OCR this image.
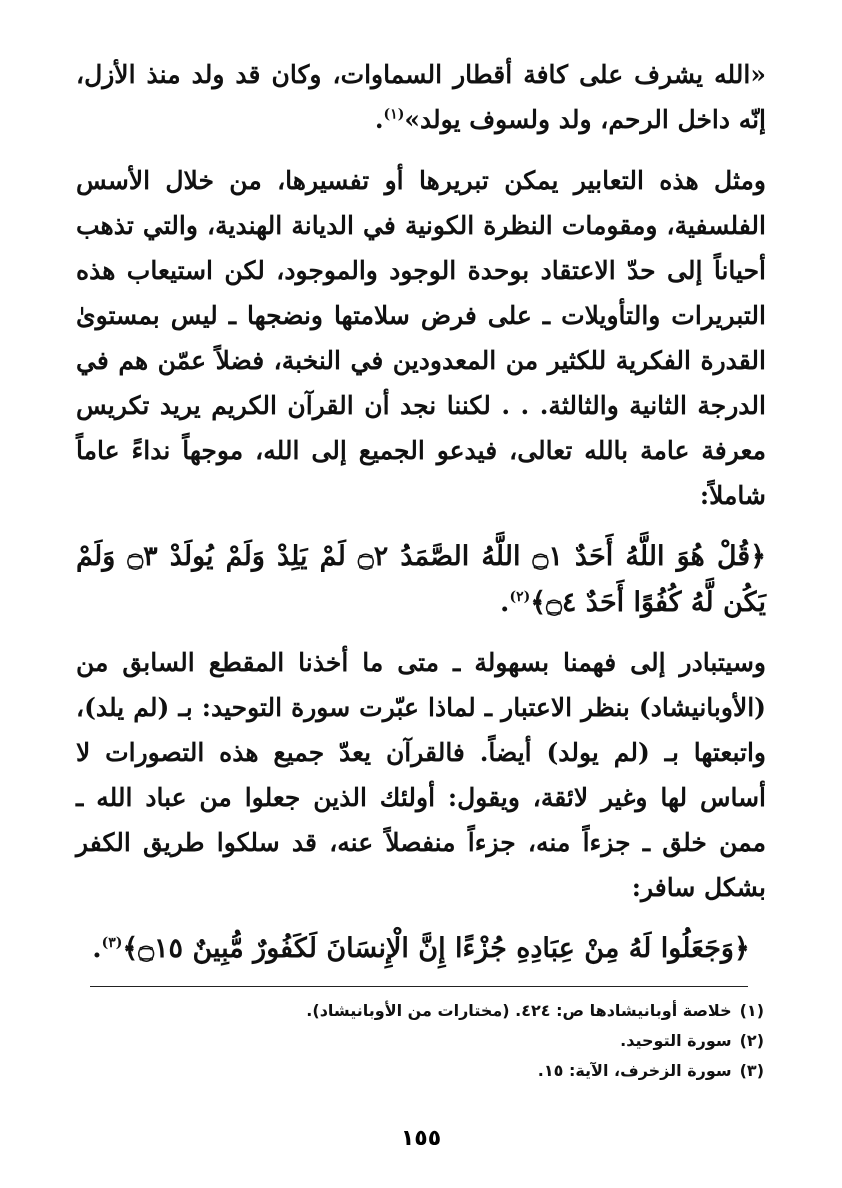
«الله يشرف على كافة أقطار السماوات، وكان قد ولد منذ الأزل، إنّه داخل الرحم، ولد ولسوف يولد»$^{(١)}$.

ومثل هذه التعابير يمكن تبريرها أو تفسيرها، من خلال الأسس الفلسفية، ومقومات النظرة الكونية في الديانة الهندية، والتي تذهب أحياناً إلى حدّ الاعتقاد بوحدة الوجود والموجود، لكن استيعاب هذه التبريرات والتأويلات ـ على فرض سلامتها ونضجها ـ ليس بمستوىٰ القدرة الفكرية للكثير من المعدودين في النخبة، فضلاً عمّن هم في الدرجة الثانية والثالثة. . . لكننا نجد أن القرآن الكريم يريد تكريس معرفة عامة بالله تعالى، فيدعو الجميع إلى الله، موجهاً نداءً عاماً شاملاً:

﴿قُلْ هُوَ اللَّهُ أَحَدٌ ۝١ اللَّهُ الصَّمَدُ ۝٢ لَمْ يَلِدْ وَلَمْ يُولَدْ ۝٣ وَلَمْ يَكُن لَّهُ كُفُوًا أَحَدٌ ۝٤﴾$^{(٢)}$.

وسيتبادر إلى فهمنا بسهولة ـ متى ما أخذنا المقطع السابق من (الأوبانيشاد) بنظر الاعتبار ـ لماذا عبّرت سورة التوحيد: بـ (لم يلد)، واتبعتها بـ (لم يولد) أيضاً. فالقرآن يعدّ جميع هذه التصورات لا أساس لها وغير لائقة، ويقول: أولئك الذين جعلوا من عباد الله ـ ممن خلق ـ جزءاً منه، جزءاً منفصلاً عنه، قد سلكوا طريق الكفر بشكل سافر:

﴿وَجَعَلُوا لَهُ مِنْ عِبَادِهِ جُزْءًا إِنَّ الْإِنسَانَ لَكَفُورٌ مُّبِينٌ ۝١٥﴾$^{(٣)}$.

(١)خلاصة أوبانيشادها ص: ٤٢٤. (مختارات من الأوبانيشاد).
(٢)سورة التوحيد.
(٣)سورة الزخرف، الآية: ١٥.
١٥٥
